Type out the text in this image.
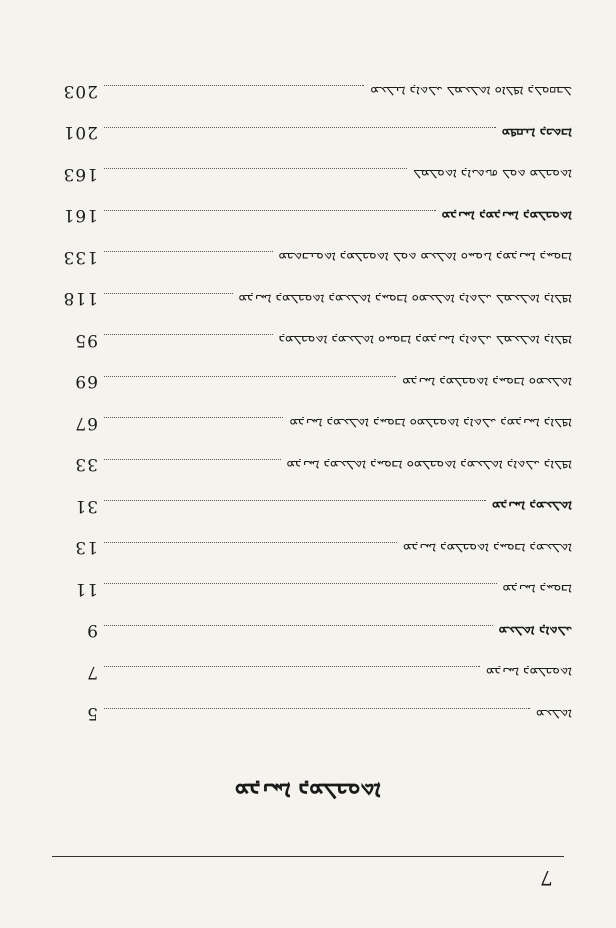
ܡܥܠܬܐ
5
ܡܕܢܚܐ ܕܡܠܟܘܬܐ
7
ܡܥܠܬܐ ܕܐܬܠܝ
9
ܡܕܢܚܐ ܕܚܘܒܐ
11
ܡܕܢܚܐ ܕܡܠܟܘܬܐ ܕܚܘܒܐ ܕܡܥܠܬܐ
13
ܡܕܢܚܐ ܕܡܥܠܬܐ
31
ܡܕܢܚܐ ܕܡܥܠܬܐ ܕܚܘܒܐ ܘܡܠܟܘܬܐ ܕܡܥܠܬܐ ܕܐܬܠܝ ܕܐܠܦܐ
33
ܡܕܢܚܐ ܕܡܥܠܬܐ ܕܚܘܒܐ ܘܡܠܟܘܬܐ ܕܐܬܠܝ ܕܡܕܢܚܐ ܕܐܠܦܐ
67
ܡܕܢܚܐ ܕܡܠܟܘܬܐ ܕܚܘܒܐ ܘܡܥܠܬܐ
69
ܕܡܠܟܘܬܐ ܕܡܥܠܬܐ ܘܚܘܒܐ ܕܡܕܢܚܐ ܕܐܬܠܝ ܠܡܥܠܬܐ ܕܐܠܦܐ
95
ܡܕܢܚܐ ܕܡܠܟܘܬܐ ܕܡܥܠܬܐ ܕܚܘܒܐ ܘܡܥܠܬܐ ܕܐܬܠܝ ܠܡܥܠܬܐ ܕܐܠܦܐ
118
ܡܟܬܒܢܘܬܐ ܕܡܠܟܘܬܐ ܠܘܬ ܡܥܠܬܐ ܘܚܘܝܐ ܕܡܕܢܚܐ ܕܚܘܒܐ
133
ܡܕܢܚܐ ܕܡܕܢܚܐ ܕܡܠܟܘܬܐ
161
ܠܡܠܘܬܐ ܕܐܝܬܝܗ ܠܘܬ ܡܠܟܘܬܐ
163
ܡܦܩܢܐ ܕܟܬܒܐ
201
ܡܥܠܢܐ ܕܐܬܠܝ ܠܡܥܠܬܐ ܘܐܠܦܐ ܕܠܘܩܒܠ
203
ܡܕܢܚܐ ܕܡܠܟܘܬܐ
7
